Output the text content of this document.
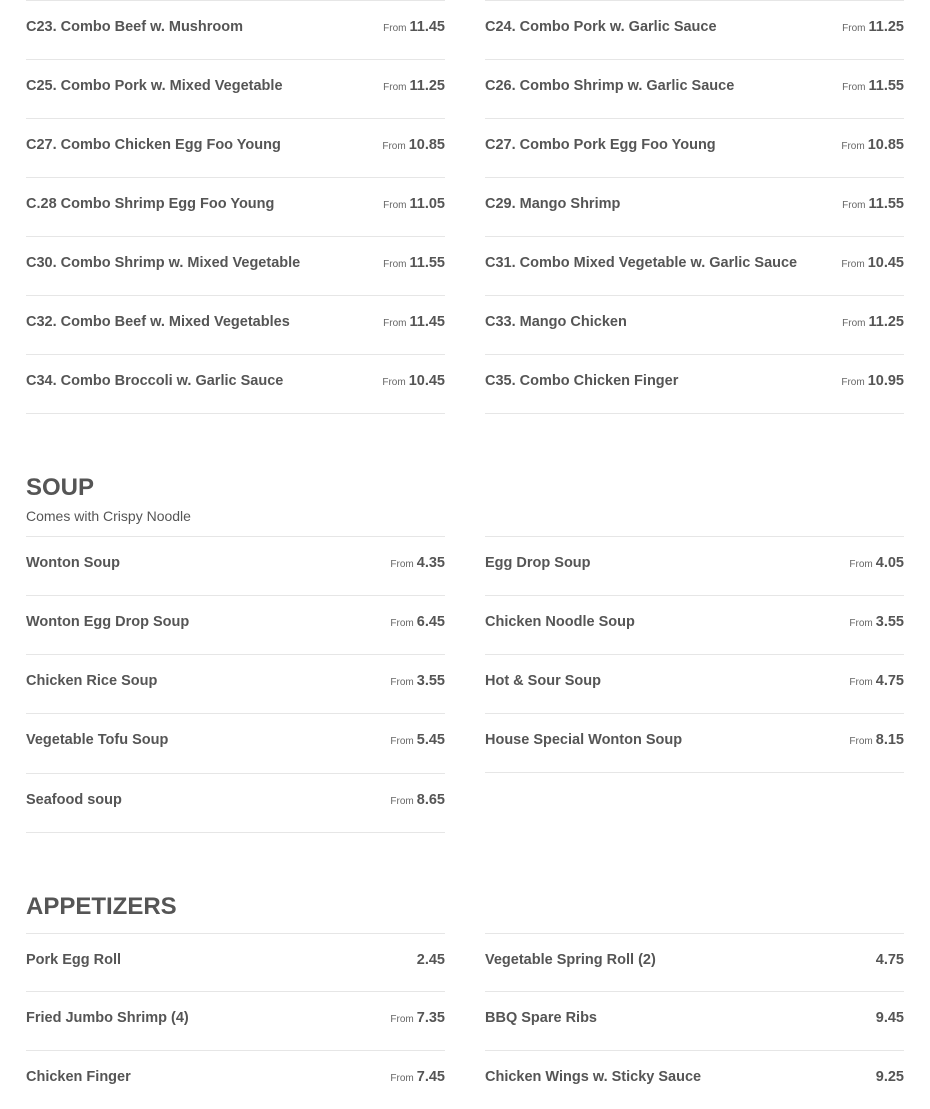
C23. Combo Beef w. Mushroom	From 11.45	C24. Combo Pork w. Garlic Sauce	From 11.25
C25. Combo Pork w. Mixed Vegetable	From 11.25	C26. Combo Shrimp w. Garlic Sauce	From 11.55
C27. Combo Chicken Egg Foo Young	From 10.85	C27. Combo Pork Egg Foo Young	From 10.85
C.28 Combo Shrimp Egg Foo Young	From 11.05	C29. Mango Shrimp	From 11.55
C30. Combo Shrimp w. Mixed Vegetable	From 11.55	C31. Combo Mixed Vegetable w. Garlic Sauce	From 10.45
C32. Combo Beef w. Mixed Vegetables	From 11.45	C33. Mango Chicken	From 11.25
C34. Combo Broccoli w. Garlic Sauce	From 10.45	C35. Combo Chicken Finger	From 10.95
SOUP
Comes with Crispy Noodle
Wonton Soup	From 4.35	Egg Drop Soup	From 4.05
Wonton Egg Drop Soup	From 6.45	Chicken Noodle Soup	From 3.55
Chicken Rice Soup	From 3.55	Hot & Sour Soup	From 4.75
Vegetable Tofu Soup	From 5.45	House Special Wonton Soup	From 8.15
Seafood soup	From 8.65
APPETIZERS
Pork Egg Roll	2.45	Vegetable Spring Roll (2)	4.75
Fried Jumbo Shrimp (4)	From 7.35	BBQ Spare Ribs	9.45
Chicken Finger	From 7.45	Chicken Wings w. Sticky Sauce	9.25
